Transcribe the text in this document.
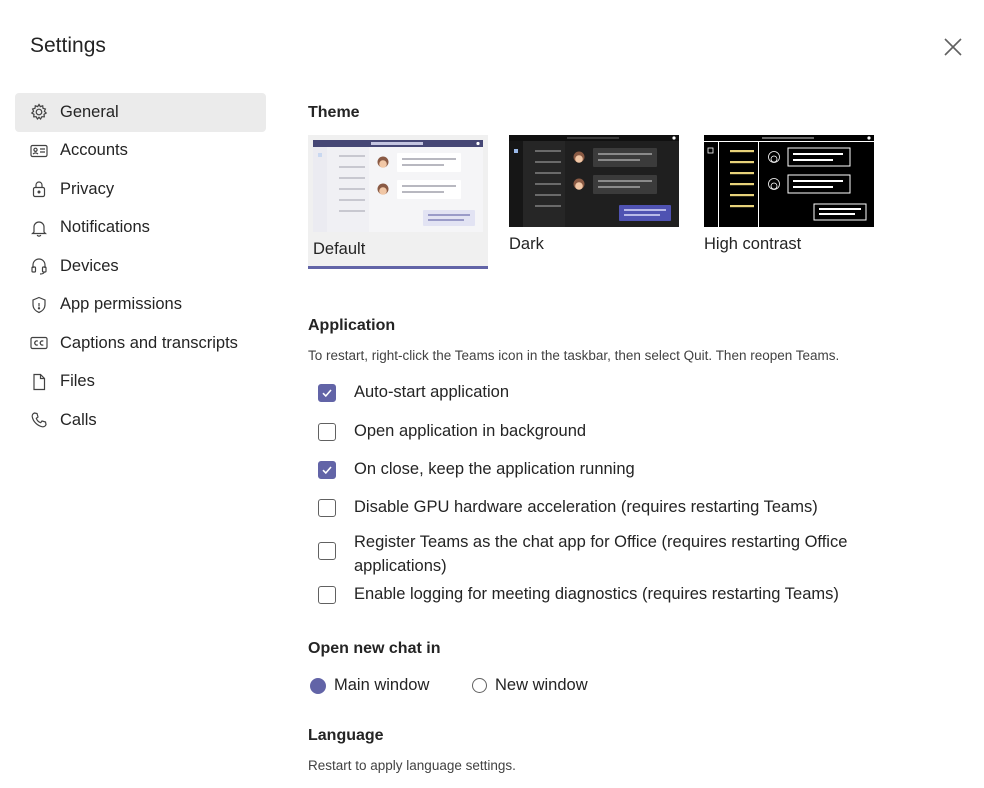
Settings
General
Accounts
Privacy
Notifications
Devices
App permissions
Captions and transcripts
Files
Calls
Theme
Default	Dark	High contrast
Application
To restart, right-click the Teams icon in the taskbar, then select Quit. Then reopen Teams.
Auto-start application
Open application in background
On close, keep the application running
Disable GPU hardware acceleration (requires restarting Teams)
Register Teams as the chat app for Office (requires restarting Office applications)
Enable logging for meeting diagnostics (requires restarting Teams)
Open new chat in
Main window	New window
Language
Restart to apply language settings.
